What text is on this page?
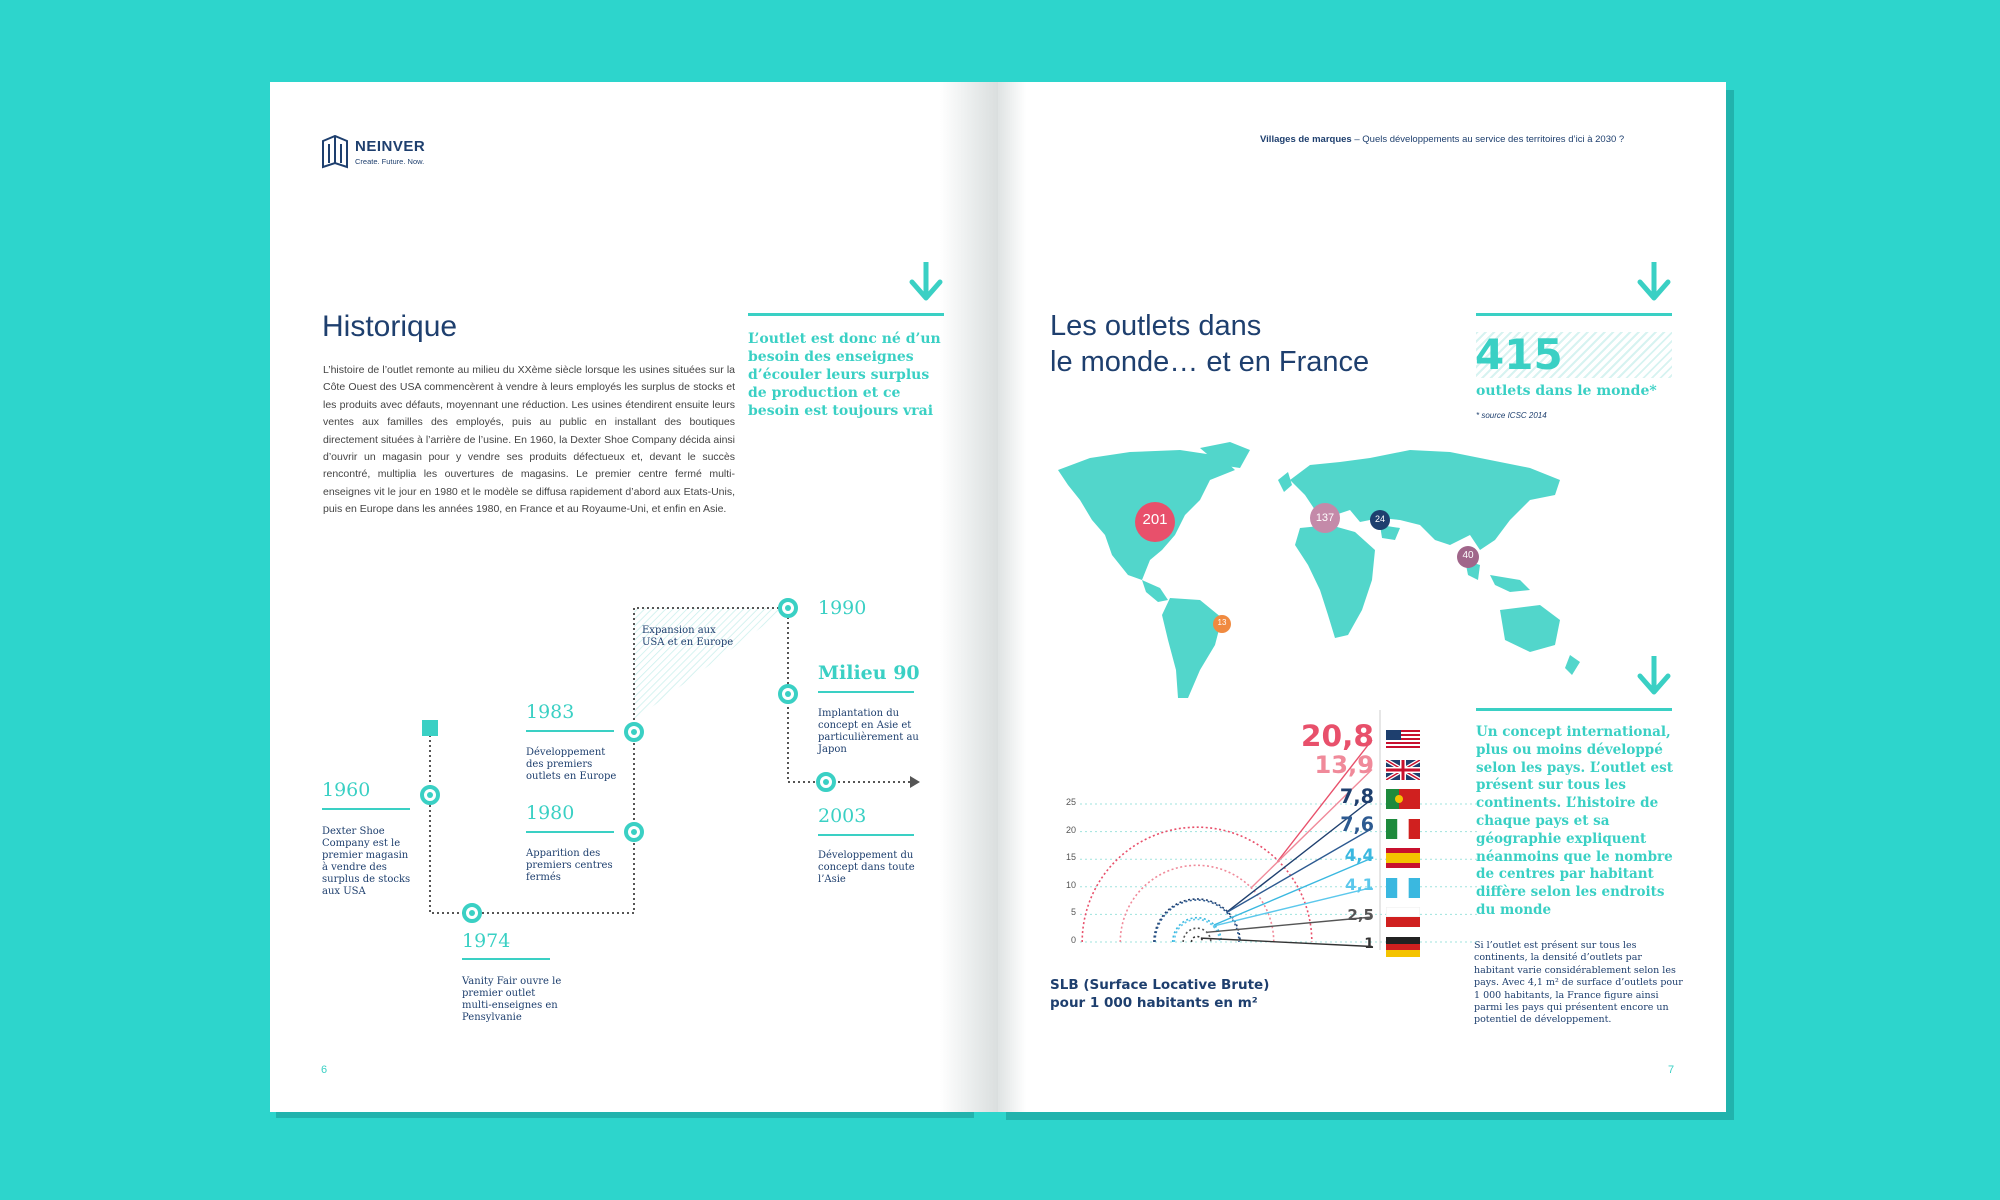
NEINVER
Create. Future. Now.
Historique
L’histoire de l’outlet remonte au milieu du XXème siècle lorsque les usines situées sur la Côte Ouest des USA commencèrent à vendre à leurs employés les surplus de stocks et les produits avec défauts, moyennant une réduction. Les usines étendirent ensuite leurs ventes aux familles des employés, puis au public en installant des boutiques directement situées à l’arrière de l’usine. En 1960, la Dexter Shoe Company décida ainsi d’ouvrir un magasin pour y vendre ses produits défectueux et, devant le succès rencontré, multiplia les ouvertures de magasins. Le premier centre fermé multi-enseignes vit le jour en 1980 et le modèle se diffusa rapidement d’abord aux Etats-Unis, puis en Europe dans les années 1980, en France et au Royaume-Uni, et enfin en Asie.
L’outlet est donc né d’un besoin des enseignes d’écouler leurs surplus de production et ce besoin est toujours vrai
1960
Dexter Shoe Company est le premier magasin à vendre des surplus de stocks aux USA
1974
Vanity Fair ouvre le premier outlet multi-enseignes en Pensylvanie
1983
Développement des premiers outlets en Europe
1980
Apparition des premiers centres fermés
Expansion aux USA et en Europe
1990
Milieu 90
Implantation du concept en Asie et particulièrement au Japon
2003
Développement du concept dans toute l’Asie
6
Villages de marques – Quels développements au service des territoires d’ici à 2030 ?
Les outlets dans
le monde… et en France	415
outlets dans le monde*
* source ICSC 2014
201	137	24
40
13
Un concept international, plus ou moins développé selon les pays. L’outlet est présent sur tous les continents. L’histoire de chaque pays et sa géographie expliquent néanmoins que le nombre de centres par habitant diffère selon les endroits du monde
Si l’outlet est présent sur tous les continents, la densité d’outlets par habitant varie considérablement selon les pays. Avec 4,1 m² de surface d’outlets pour 1 000 habitants, la France figure ainsi parmi les pays qui présentent encore un potentiel de développement.
0
5
10
15
20
25
20,8
13,9
7,8
7,6
4,4
4,1
2,5
1
SLB (Surface Locative Brute)
pour 1 000 habitants en m²
7
